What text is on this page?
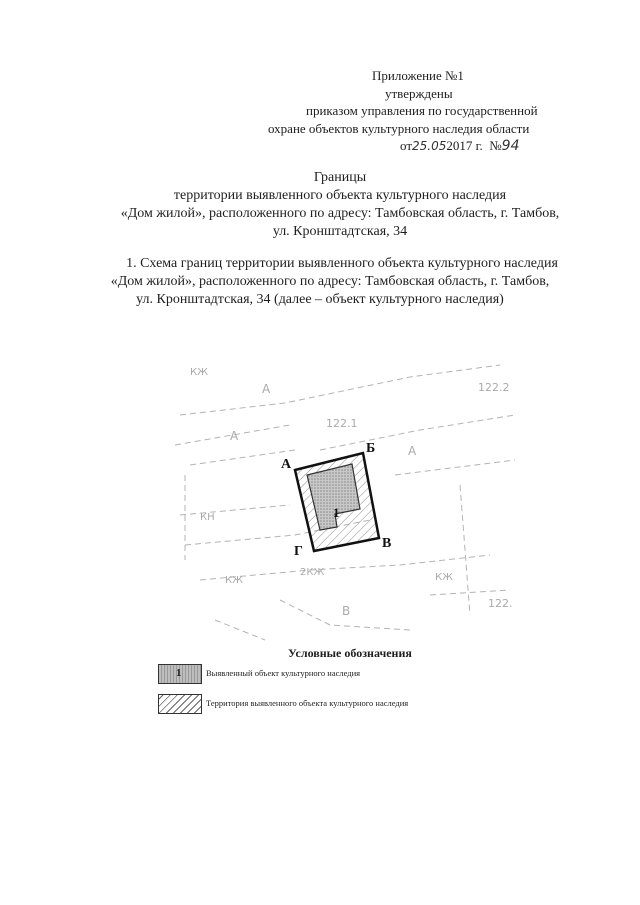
Приложение №1
утверждены
приказом управления по государственной
охране объектов культурного наследия области
от25.052017 г. №94
Границы
территории выявленного объекта культурного наследия
«Дом жилой», расположенного по адресу: Тамбовская область, г. Тамбов,
ул. Кронштадтская, 34
1. Схема границ территории выявленного объекта культурного наследия
«Дом жилой», расположенного по адресу: Тамбовская область, г. Тамбов,
ул. Кронштадтская, 34 (далее – объект культурного наследия)
А
А
А
122.2
122.1
122.
В
КЖ
КН
КЖ
2КЖ	КЖ
А
Б
В
Г
1
Условные обозначения
1	Выявленный объект культурного наследия
Территория выявленного объекта культурного наследия
